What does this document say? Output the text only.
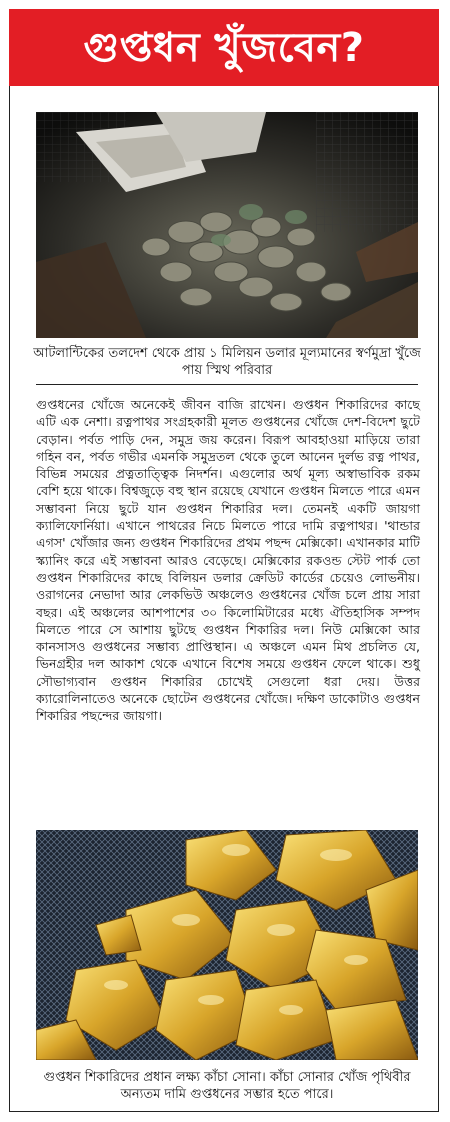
গুপ্তধন খুঁজবেন?
আটলান্টিকের তলদেশ থেকে প্রায় ১ মিলিয়ন ডলার মূল্যমানের স্বর্ণমুদ্রা খুঁজে পায় স্মিথ পরিবার

গুপ্তধনের খোঁজে অনেকেই জীবন বাজি রাখেন। গুপ্তধন শিকারিদের কাছে এটি এক নেশা। রত্নপাথর সংগ্রহকারী মূলত গুপ্তধনের খোঁজে দেশ-বিদেশ ছুটে বেড়ান। পর্বত পাড়ি দেন, সমুদ্র জয় করেন। বিরূপ আবহাওয়া মাড়িয়ে তারা গহিন বন, পর্বত গভীর এমনকি সমুদ্রতল থেকে তুলে আনেন দুর্লভ রত্ন পাথর, বিভিন্ন সময়ের প্রত্নতাত্ত্বিক নিদর্শন। এগুলোর অর্থ মূল্য অস্বাভাবিক রকম বেশি হয়ে থাকে। বিশ্বজুড়ে বহু স্থান রয়েছে যেখানে গুপ্তধন মিলতে পারে এমন সম্ভাবনা নিয়ে ছুটে যান গুপ্তধন শিকারির দল। তেমনই একটি জায়গা ক্যালিফোর্নিয়া। এখানে পাথরের নিচে মিলতে পারে দামি রত্নপাথর। 'থান্ডার এগস' খোঁজার জন্য গুপ্তধন শিকারিদের প্রথম পছন্দ মেক্সিকো। এখানকার মাটি স্ক্যানিং করে এই সম্ভাবনা আরও বেড়েছে। মেক্সিকোর রকওন্ড স্টেট পার্ক তো গুপ্তধন শিকারিদের কাছে বিলিয়ন ডলার ক্রেডিট কার্ডের চেয়েও লোভনীয়। ওরাগনের নেভাদা আর লেকভিউ অঞ্চলেও গুপ্তধনের খোঁজ চলে প্রায় সারা বছর। এই অঞ্চলের আশপাশের ৩০ কিলোমিটারের মধ্যে ঐতিহাসিক সম্পদ মিলতে পারে সে আশায় ছুটছে গুপ্তধন শিকারির দল। নিউ মেক্সিকো আর কানসাসও গুপ্তধনের সম্ভাব্য প্রাপ্তিস্থান। এ অঞ্চলে এমন মিথ প্রচলিত যে, ভিনগ্রহীর দল আকাশ থেকে এখানে বিশেষ সময়ে গুপ্তধন ফেলে থাকে। শুধু সৌভাগ্যবান গুপ্তধন শিকারির চোখেই সেগুলো ধরা দেয়। উত্তর ক্যারোলিনাতেও অনেকে ছোটেন গুপ্তধনের খোঁজে। দক্ষিণ ডাকোটাও গুপ্তধন শিকারির পছন্দের জায়গা।

গুপ্তধন শিকারিদের প্রধান লক্ষ্য কাঁচা সোনা। কাঁচা সোনার খোঁজ পৃথিবীর অন্যতম দামি গুপ্তধনের সম্ভার হতে পারে।
